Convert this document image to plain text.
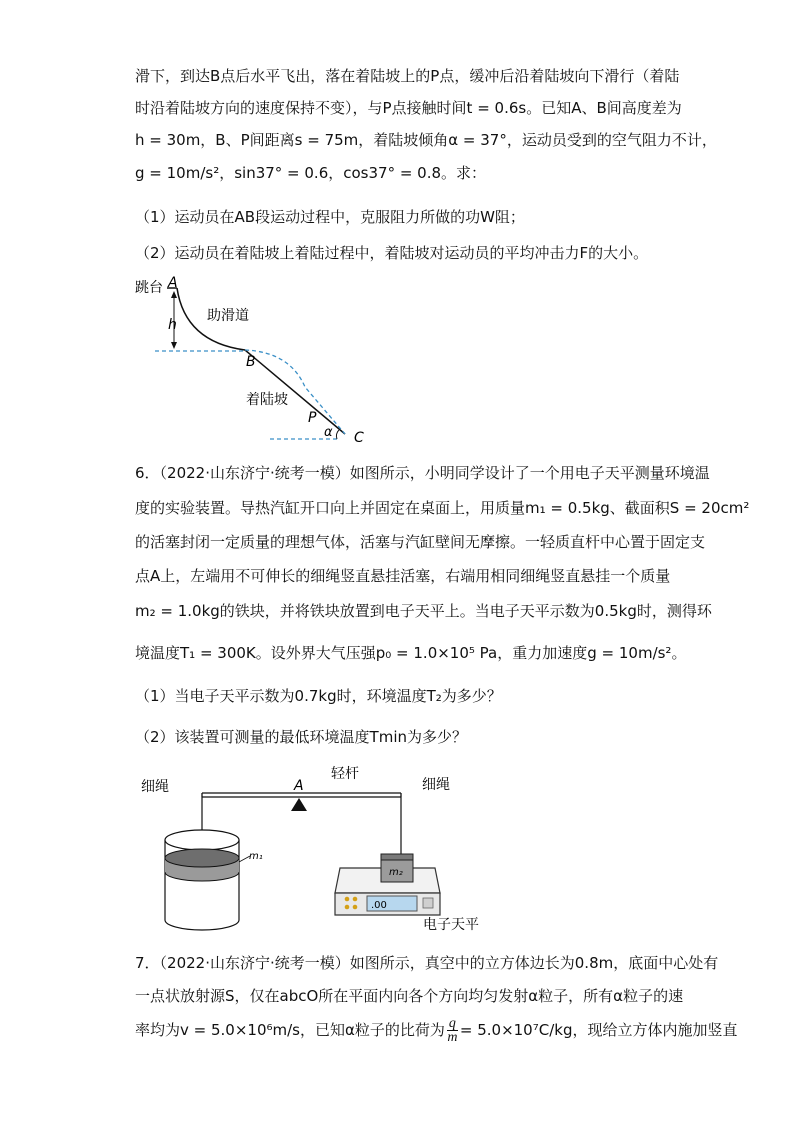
滑下，到达B点后水平飞出，落在着陆坡上的P点，缓冲后沿着陆坡向下滑行（着陆
时沿着陆坡方向的速度保持不变），与P点接触时间t = 0.6s。已知A、B间高度差为
h = 30m，B、P间距离s = 75m，着陆坡倾角α = 37°，运动员受到的空气阻力不计，
g = 10m/s²，sin37° = 0.6，cos37° = 0.8。求：
（1）运动员在AB段运动过程中，克服阻力所做的功W阻；
（2）运动员在着陆坡上着陆过程中，着陆坡对运动员的平均冲击力F的大小。
跳台 A
h
助滑道
B
着陆坡
P
α C
6．（2022·山东济宁·统考一模）如图所示，小明同学设计了一个用电子天平测量环境温
度的实验装置。导热汽缸开口向上并固定在桌面上，用质量m₁ = 0.5kg、截面积S = 20cm²
的活塞封闭一定质量的理想气体，活塞与汽缸壁间无摩擦。一轻质直杆中心置于固定支
点A上，左端用不可伸长的细绳竖直悬挂活塞，右端用相同细绳竖直悬挂一个质量
m₂ = 1.0kg的铁块，并将铁块放置到电子天平上。当电子天平示数为0.5kg时，测得环
境温度T₁ = 300K。设外界大气压强p₀ = 1.0×10⁵ Pa，重力加速度g = 10m/s²。
（1）当电子天平示数为0.7kg时，环境温度T₂为多少？
（2）该装置可测量的最低环境温度Tmin为多少？
细绳	A
轻杆
细绳
m₁
m₂
.00
电子天平
7．（2022·山东济宁·统考一模）如图所示，真空中的立方体边长为0.8m，底面中心处有
一点状放射源S，仅在abcO所在平面内向各个方向均匀发射α粒子，所有α粒子的速
率均为v = 5.0×10⁶m/s，已知α粒子的比荷为 $\frac{q}{m} = 5.0\times 10^7C/kg$，现给立方体内施加竖直
